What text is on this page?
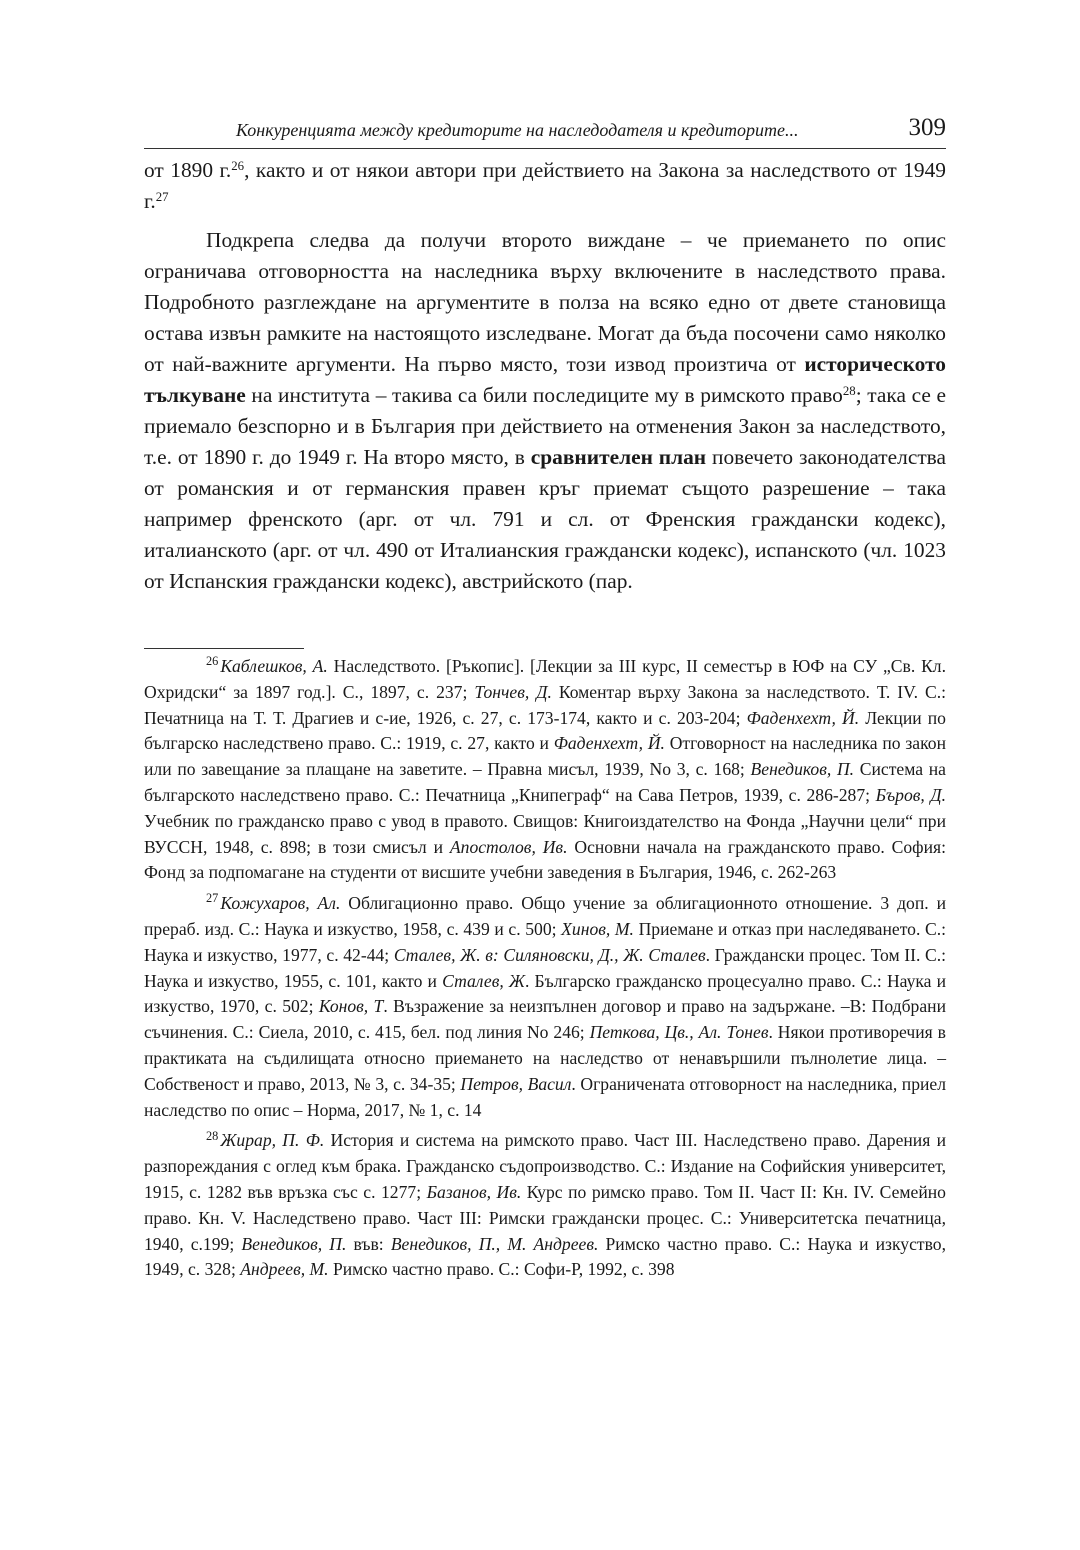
Конкуренцията между кредиторите на наследодателя и кредиторите...	309

от 1890 г.$^{26}$, както и от някои автори при действието на Закона за наследството от 1949 г.$^{27}$

Подкрепа следва да получи второто виждане – че приемането по опис ограничава отговорността на наследника върху включените в наследството права. Подробното разглеждане на аргументите в полза на всяко едно от двете становища остава извън рамките на настоящото изследване. Могат да бъда посочени само няколко от най-важните аргументи. На първо място, този извод произтича от историческото тълкуване на института – такива са били последиците му в римското право$^{28}$; така се е приемало безспорно и в България при действието на отменения Закон за наследството, т.е. от 1890 г. до 1949 г. На второ място, в сравнителен план повечето законодателства от романския и от германския правен кръг приемат същото разрешение – така например френското (арг. от чл. 791 и сл. от Френския граждански кодекс), италианското (арг. от чл. 490 от Италианския граждански кодекс), испанското (чл. 1023 от Испанския граждански кодекс), австрийското (пар.

$^{26}$ Каблешков, А. Наследството. [Ръкопис]. [Лекции за III курс, II семестър в ЮФ на СУ „Св. Кл. Охридски“ за 1897 год.]. С., 1897, с. 237; Тончев, Д. Коментар върху Закона за наследството. Т. IV. С.: Печатница на Т. Т. Драгиев и с-ие, 1926, с. 27, с. 173-174, както и с. 203-204; Фаденхехт, Й. Лекции по българско наследствено право. С.: 1919, с. 27, както и Фаденхехт, Й. Отговорност на наследника по закон или по завещание за плащане на заветите. – Правна мисъл, 1939, No 3, с. 168; Венедиков, П. Система на българското наследствено право. С.: Печатница „Книпеграф“ на Сава Петров, 1939, с. 286-287; Бъров, Д. Учебник по гражданско право с увод в правото. Свищов: Книгоиздателство на Фонда „Научни цели“ при ВУССН, 1948, с. 898; в този смисъл и Апостолов, Ив. Основни начала на гражданското право. София: Фонд за подпомагане на студенти от висшите учебни заведения в България, 1946, с. 262-263

$^{27}$ Кожухаров, Ал. Облигационно право. Общо учение за облигационното отношение. 3 доп. и прераб. изд. С.: Наука и изкуство, 1958, с. 439 и с. 500; Хинов, М. Приемане и отказ при наследяването. С.: Наука и изкуство, 1977, с. 42-44; Сталев, Ж. в: Силяновски, Д., Ж. Сталев. Граждански процес. Том II. С.: Наука и изкуство, 1955, с. 101, както и Сталев, Ж. Българско гражданско процесуално право. С.: Наука и изкуство, 1970, с. 502; Конов, Т. Възражение за неизпълнен договор и право на задържане. –В: Подбрани съчинения. С.: Сиела, 2010, с. 415, бел. под линия No 246; Петкова, Цв., Ал. Тонев. Някои противоречия в практиката на съдилищата относно приемането на наследство от ненавършили пълнолетие лица. – Собственост и право, 2013, № 3, с. 34-35; Петров, Васил. Ограничената отговорност на наследника, приел наследство по опис – Норма, 2017, № 1, с. 14

$^{28}$ Жирар, П. Ф. История и система на римското право. Част III. Наследствено право. Дарения и разпореждания с оглед към брака. Гражданско съдопроизводство. С.: Издание на Софийския университет, 1915, с. 1282 във връзка със с. 1277; Базанов, Ив. Курс по римско право. Том II. Част II: Кн. IV. Семейно право. Кн. V. Наследствено право. Част III: Римски граждански процес. С.: Университетска печатница, 1940, с.199; Венедиков, П. във: Венедиков, П., М. Андреев. Римско частно право. С.: Наука и изкуство, 1949, с. 328; Андреев, М. Римско частно право. С.: Софи-Р, 1992, с. 398
